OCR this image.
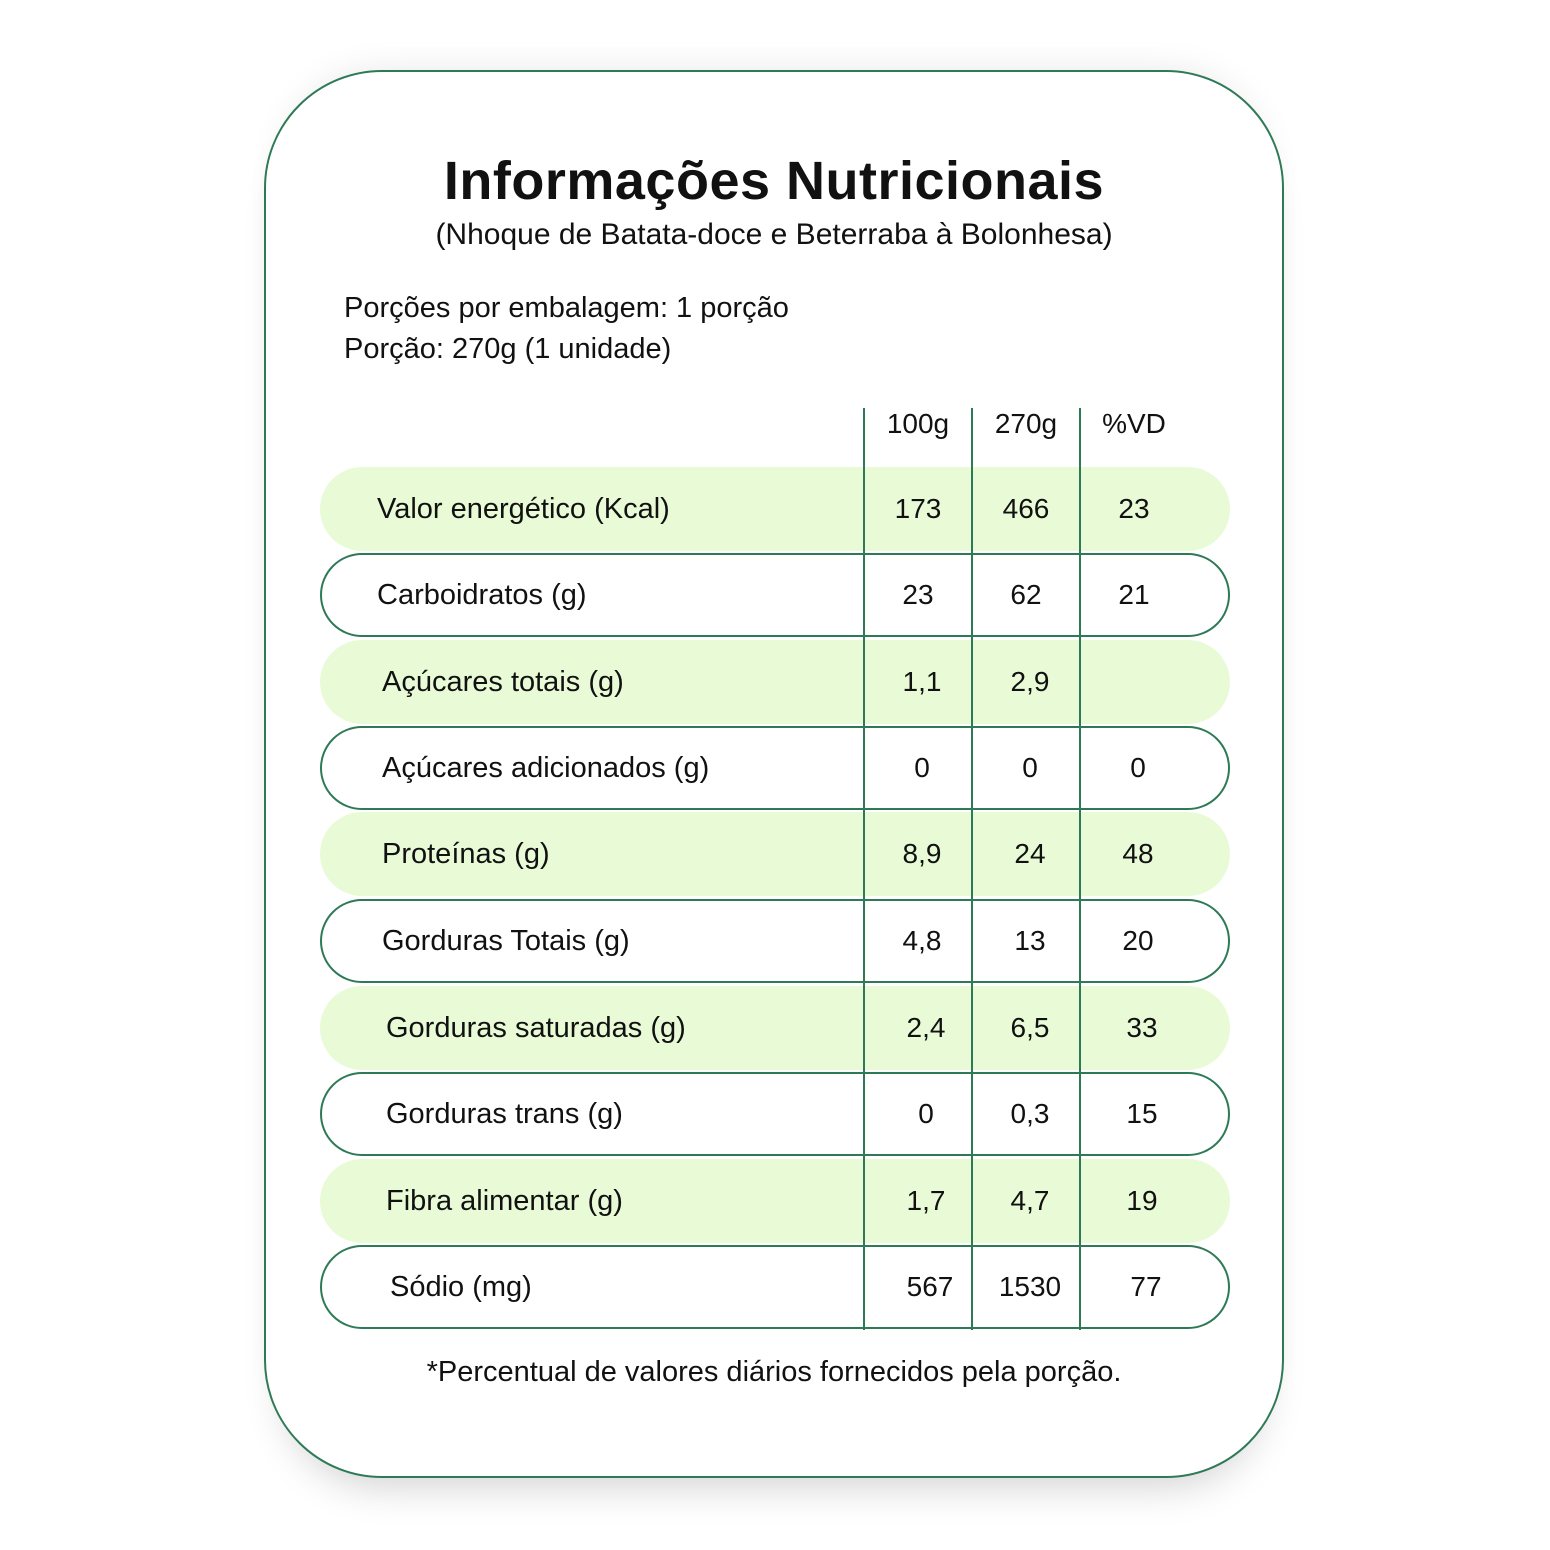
Informações Nutricionais
(Nhoque de Batata-doce e Beterraba à Bolonhesa)
Porções por embalagem: 1 porção
Porção: 270g (1 unidade)
100g	270g	%VD
Valor energético (Kcal)	173	466	23
Carboidratos (g)	23	62	21
Açúcares totais (g)	1,1	2,9
Açúcares adicionados (g)	0	0	0
Proteínas (g)	8,9	24	48
Gorduras Totais (g)	4,8	13	20
Gorduras saturadas (g)	2,4	6,5	33
Gorduras trans (g)	0	0,3	15
Fibra alimentar (g)	1,7	4,7	19
Sódio (mg)	567	1530	77
*Percentual de valores diários fornecidos pela porção.
